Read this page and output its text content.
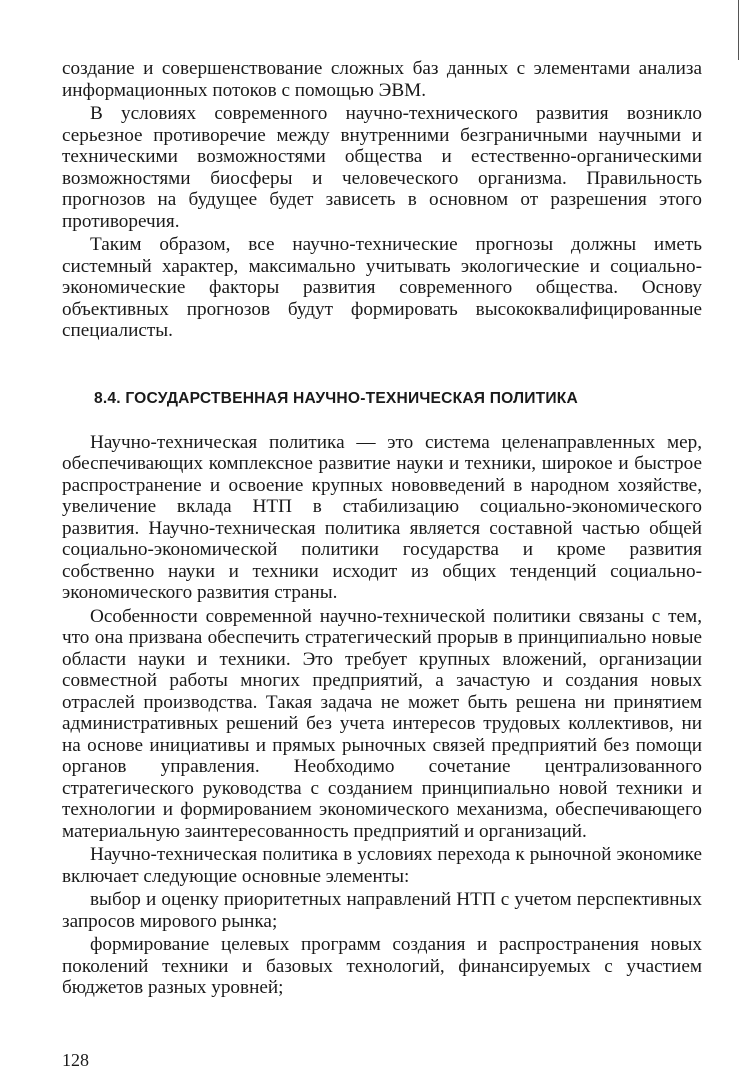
создание и совершенствование сложных баз данных с элементами анализа информационных потоков с помощью ЭВМ.

В условиях современного научно-технического развития возникло серьезное противоречие между внутренними безграничными научными и техническими возможностями общества и естественно-органическими возможностями биосферы и человеческого организма. Правильность прогнозов на будущее будет зависеть в основном от разрешения этого противоречия.

Таким образом, все научно-технические прогнозы должны иметь системный характер, максимально учитывать экологические и социально-экономические факторы развития современного общества. Основу объективных прогнозов будут формировать высококвалифицированные специалисты.

8.4. ГОСУДАРСТВЕННАЯ НАУЧНО-ТЕХНИЧЕСКАЯ ПОЛИТИКА

Научно-техническая политика — это система целенаправленных мер, обеспечивающих комплексное развитие науки и техники, широкое и быстрое распространение и освоение крупных нововведений в народном хозяйстве, увеличение вклада НТП в стабилизацию социально-экономического развития. Научно-техническая политика является составной частью общей социально-экономической политики государства и кроме развития собственно науки и техники исходит из общих тенденций социально-экономического развития страны.

Особенности современной научно-технической политики связаны с тем, что она призвана обеспечить стратегический прорыв в принципиально новые области науки и техники. Это требует крупных вложений, организации совместной работы многих предприятий, а зачастую и создания новых отраслей производства. Такая задача не может быть решена ни принятием административных решений без учета интересов трудовых коллективов, ни на основе инициативы и прямых рыночных связей предприятий без помощи органов управления. Необходимо сочетание централизованного стратегического руководства с созданием принципиально новой техники и технологии и формированием экономического механизма, обеспечивающего материальную заинтересованность предприятий и организаций.

Научно-техническая политика в условиях перехода к рыночной экономике включает следующие основные элементы:

выбор и оценку приоритетных направлений НТП с учетом перспективных запросов мирового рынка;

формирование целевых программ создания и распространения новых поколений техники и базовых технологий, финансируемых с участием бюджетов разных уровней;

128
